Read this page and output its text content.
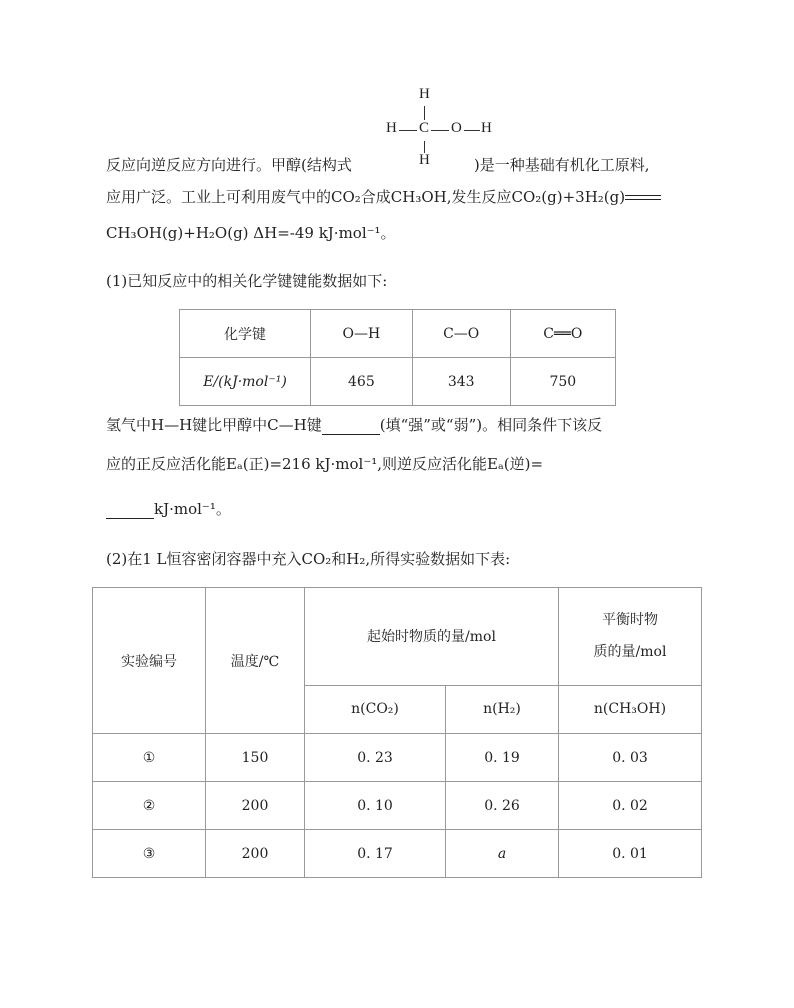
H
H C O H
H
反应向逆反应方向进行。甲醇(结构式	)是一种基础有机化工原料,
应用广泛。工业上可利用废气中的CO₂合成CH₃OH,发生反应CO₂(g)+3H₂(g)
CH₃OH(g)+H₂O(g) ΔH=-49 kJ·mol⁻¹。
(1)已知反应中的相关化学键键能数据如下:
化学键	O—H	C—O	C══O
E/(kJ·mol⁻¹)	465	343	750
氢气中H—H键比甲醇中C—H键	(填“强”或“弱”)。相同条件下该反
应的正反应活化能Eₐ(正)=216 kJ·mol⁻¹,则逆反应活化能Eₐ(逆)=
kJ·mol⁻¹。
(2)在1 L恒容密闭容器中充入CO₂和H₂,所得实验数据如下表:
实验编号	温度/℃	起始时物质的量/mol		平衡时物
质的量/mol

		n(CO₂)	n(H₂)	n(CH₃OH)
①	150	0. 23	0. 19	0. 03
②	200	0. 10	0. 26	0. 02
③	200	0. 17	a	0. 01
